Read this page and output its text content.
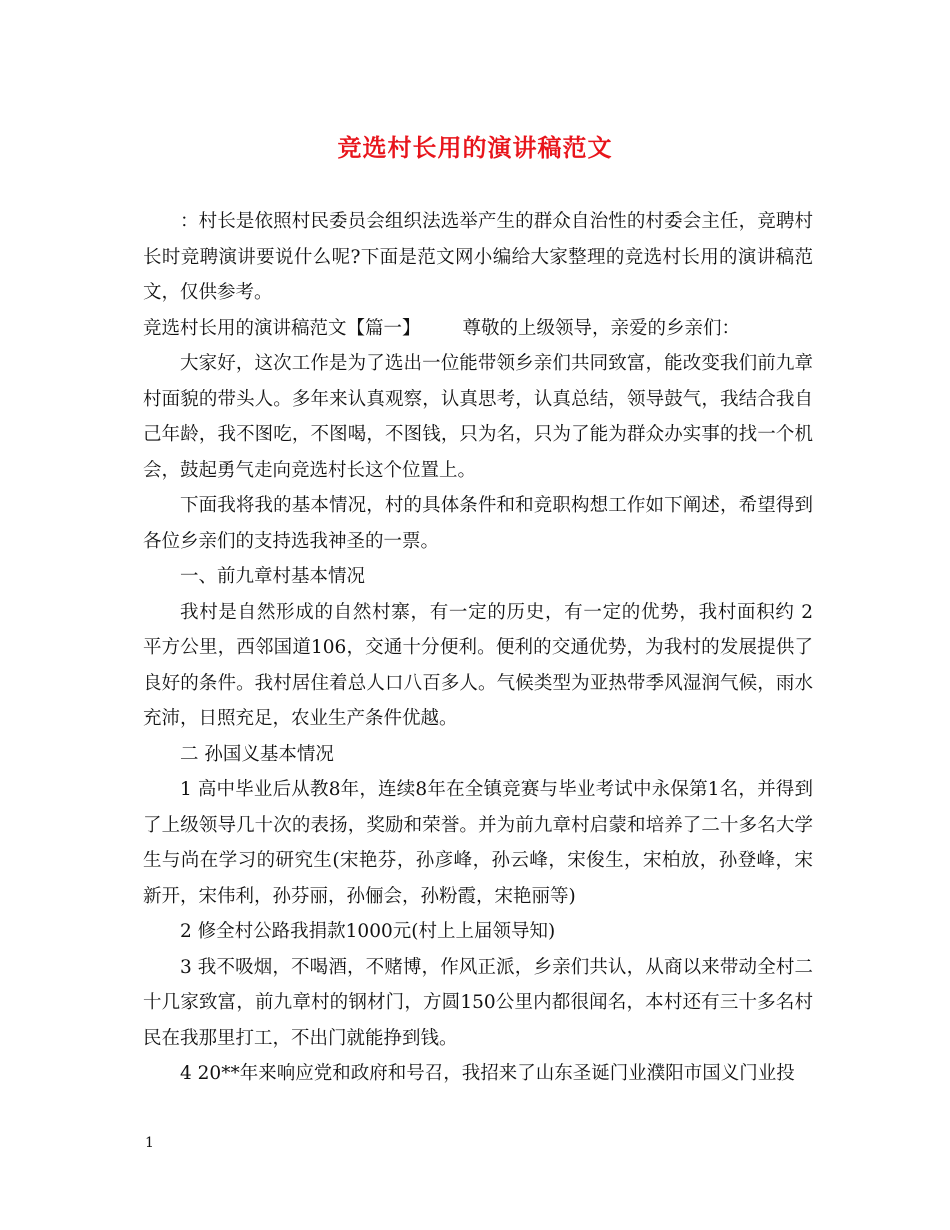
竞选村长用的演讲稿范文

：村长是依照村民委员会组织法选举产生的群众自治性的村委会主任，竞聘村长时竞聘演讲要说什么呢?下面是范文网小编给大家整理的竞选村长用的演讲稿范文，仅供参考。

竞选村长用的演讲稿范文【篇一】 尊敬的上级领导，亲爱的乡亲们：

大家好，这次工作是为了选出一位能带领乡亲们共同致富，能改变我们前九章村面貌的带头人。多年来认真观察，认真思考，认真总结，领导鼓气，我结合我自己年龄，我不图吃，不图喝，不图钱，只为名，只为了能为群众办实事的找一个机会，鼓起勇气走向竞选村长这个位置上。

下面我将我的基本情况，村的具体条件和和竞职构想工作如下阐述，希望得到各位乡亲们的支持选我神圣的一票。

一、前九章村基本情况

我村是自然形成的自然村寨，有一定的历史，有一定的优势，我村面积约 2 平方公里，西邻国道106，交通十分便利。便利的交通优势，为我村的发展提供了良好的条件。我村居住着总人口八百多人。气候类型为亚热带季风湿润气候，雨水充沛，日照充足，农业生产条件优越。

二 孙国义基本情况

1 高中毕业后从教8年，连续8年在全镇竞赛与毕业考试中永保第1名，并得到了上级领导几十次的表扬，奖励和荣誉。并为前九章村启蒙和培养了二十多名大学生与尚在学习的研究生(宋艳芬，孙彦峰，孙云峰，宋俊生，宋柏放，孙登峰，宋新开，宋伟利，孙芬丽，孙俪会，孙粉霞，宋艳丽等)

2 修全村公路我捐款1000元(村上上届领导知)

3 我不吸烟，不喝酒，不赌博，作风正派，乡亲们共认，从商以来带动全村二十几家致富，前九章村的钢材门，方圆150公里内都很闻名，本村还有三十多名村民在我那里打工，不出门就能挣到钱。

4 20**年来响应党和政府和号召，我招来了山东圣诞门业濮阳市国义门业投

1
